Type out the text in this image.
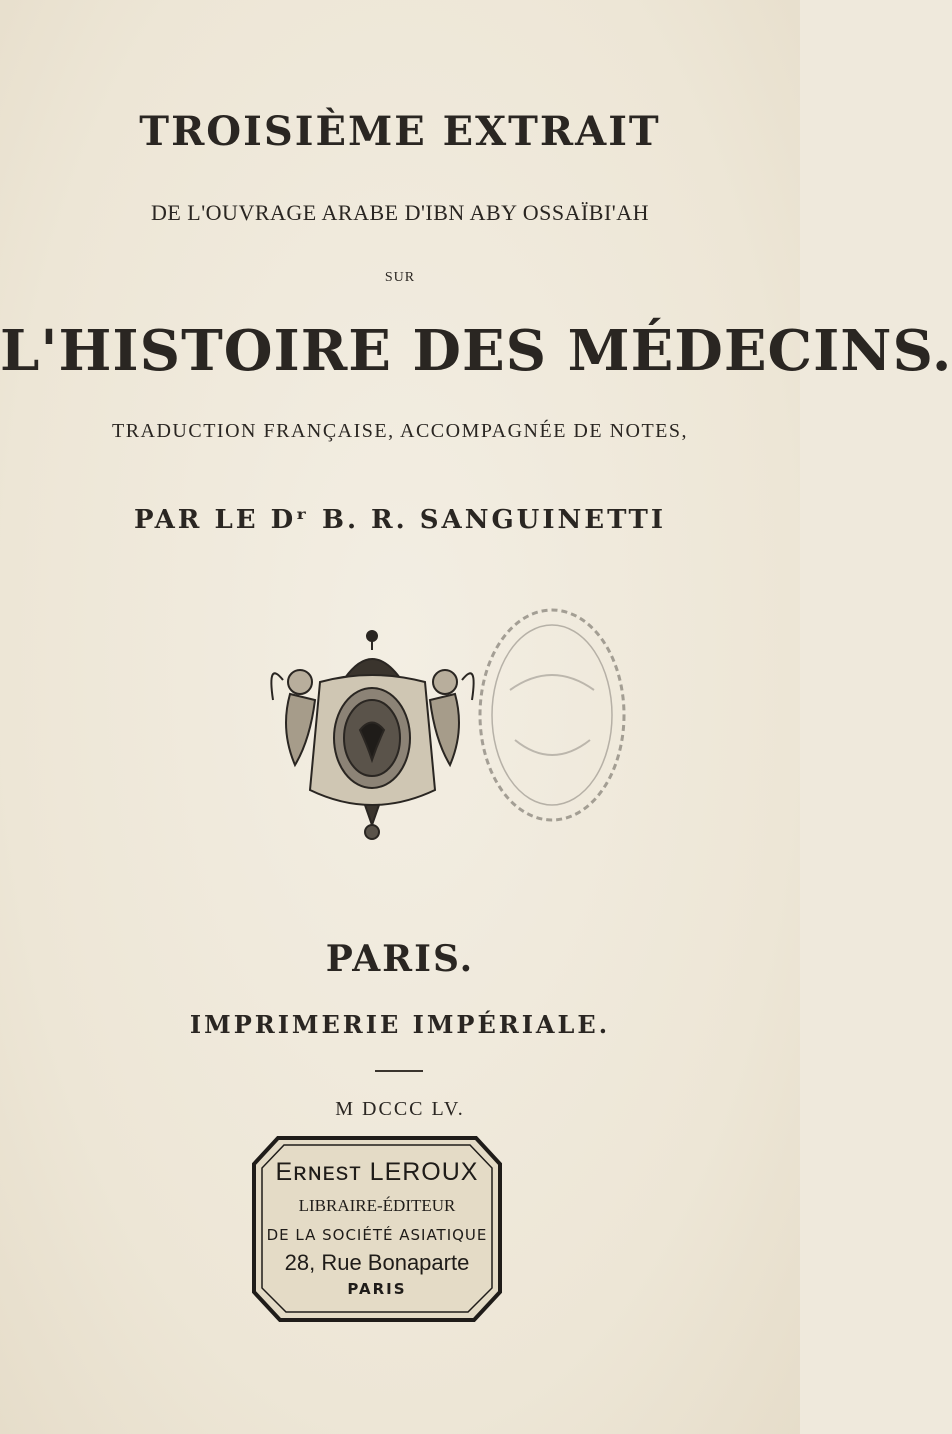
TROISIÈME EXTRAIT
DE L'OUVRAGE ARABE D'IBN ABY OSSAÏBI'AH
SUR
L'HISTOIRE DES MÉDECINS.
TRADUCTION FRANÇAISE, ACCOMPAGNÉE DE NOTES,
PAR LE Dʳ B. R. SANGUINETTI
PARIS.
IMPRIMERIE IMPÉRIALE.
M DCCC LV.
Eʀɴᴇsᴛ LEROUX
LIBRAIRE-ÉDITEUR
DE LA SOCIÉTÉ ASIATIQUE
28, Rue Bonaparte
PARIS
